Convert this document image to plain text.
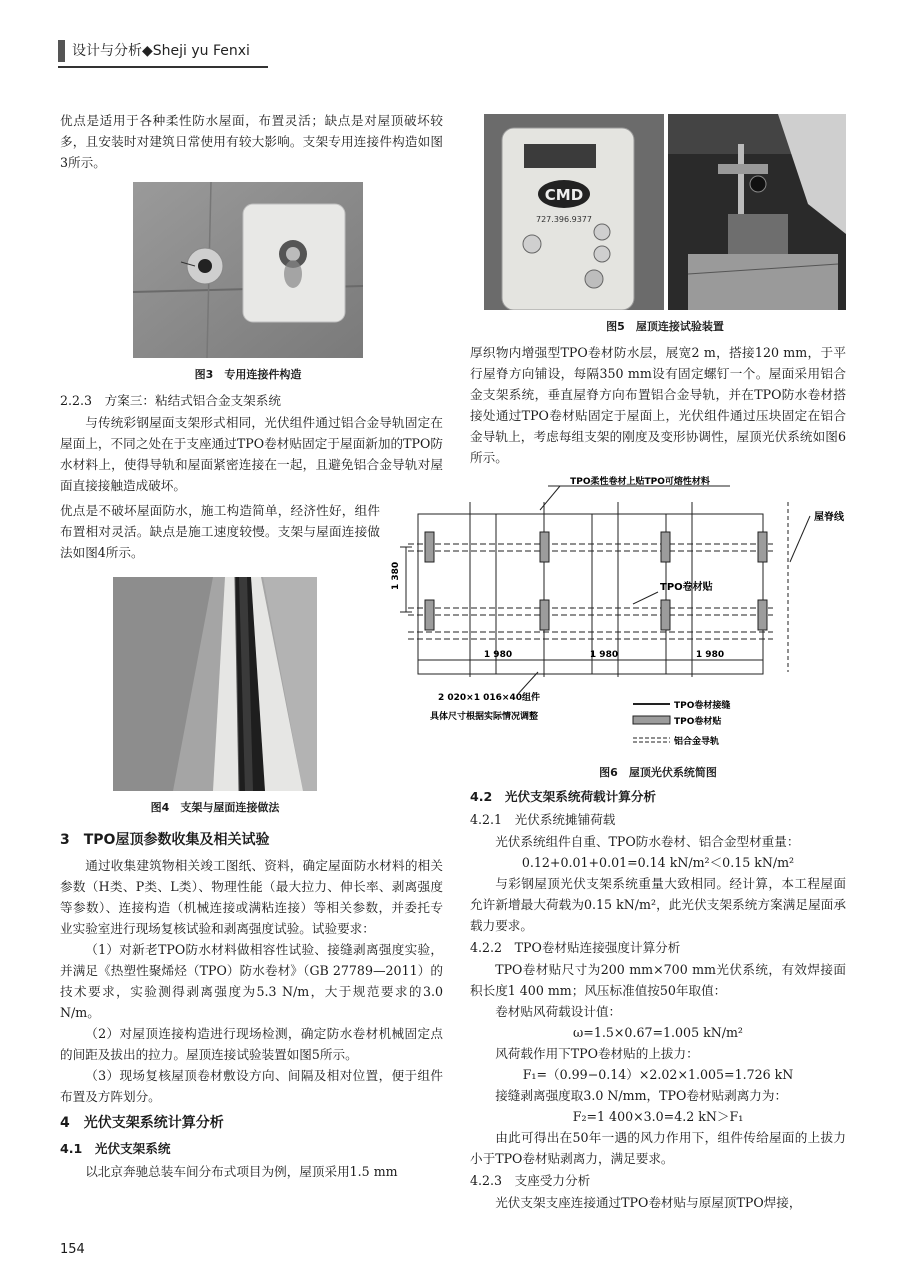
设计与分析◆Sheji yu Fenxi

优点是适用于各种柔性防水屋面，布置灵活；缺点是对屋顶破坏较多，且安装时对建筑日常使用有较大影响。支架专用连接件构造如图3所示。

图3　专用连接件构造

2.2.3　方案三：粘结式铝合金支架系统

与传统彩钢屋面支架形式相同，光伏组件通过铝合金导轨固定在屋面上，不同之处在于支座通过TPO卷材贴固定于屋面新加的TPO防水材料上，使得导轨和屋面紧密连接在一起，且避免铝合金导轨对屋面直接接触造成破坏。

优点是不破坏屋面防水，施工构造简单，经济性好，组件布置相对灵活。缺点是施工速度较慢。支架与屋面连接做法如图4所示。

图4　支架与屋面连接做法

3　TPO屋顶参数收集及相关试验

通过收集建筑物相关竣工图纸、资料，确定屋面防水材料的相关参数（H类、P类、L类）、物理性能（最大拉力、伸长率、剥离强度等参数）、连接构造（机械连接或满粘连接）等相关参数，并委托专业实验室进行现场复核试验和剥离强度试验。试验要求：

（1）对新老TPO防水材料做相容性试验、接缝剥离强度实验，并满足《热塑性聚烯烃（TPO）防水卷材》（GB 27789—2011）的技术要求，实验测得剥离强度为5.3 N/m，大于规范要求的3.0 N/m。

（2）对屋顶连接构造进行现场检测，确定防水卷材机械固定点的间距及拔出的拉力。屋顶连接试验装置如图5所示。

（3）现场复核屋顶卷材敷设方向、间隔及相对位置，便于组件布置及方阵划分。

4　光伏支架系统计算分析

4.1　光伏支架系统

以北京奔驰总装车间分布式项目为例，屋顶采用1.5 mm

CMD
727.396.9377
图5　屋顶连接试验装置

厚织物内增强型TPO卷材防水层，展宽2 m，搭接120 mm，于平行屋脊方向铺设，每隔350 mm设有固定螺钉一个。屋面采用铝合金支架系统，垂直屋脊方向布置铝合金导轨，并在TPO防水卷材搭接处通过TPO卷材贴固定于屋面上，光伏组件通过压块固定在铝合金导轨上，考虑每组支架的刚度及变形协调性，屋顶光伏系统如图6所示。

TPO柔性卷材上贴TPO可熔性材料
屋脊线
TPO卷材贴
1 380
1 980	1 980	1 980
2 020×1 016×40组件
具体尺寸根据实际情况调整
TPO卷材接缝
TPO卷材贴
铝合金导轨
图6　屋顶光伏系统简图

4.2　光伏支架系统荷载计算分析

4.2.1　光伏系统摊铺荷载

光伏系统组件自重、TPO防水卷材、铝合金型材重量：

0.12+0.01+0.01=0.14 kN/m²＜0.15 kN/m²

与彩钢屋顶光伏支架系统重量大致相同。经计算，本工程屋面允许新增最大荷载为0.15 kN/m²，此光伏支架系统方案满足屋面承载力要求。

4.2.2　TPO卷材贴连接强度计算分析

TPO卷材贴尺寸为200 mm×700 mm光伏系统，有效焊接面积长度1 400 mm；风压标准值按50年取值：

卷材贴风荷载设计值：

ω=1.5×0.67=1.005 kN/m²

风荷载作用下TPO卷材贴的上拔力：

F₁=（0.99−0.14）×2.02×1.005=1.726 kN

接缝剥离强度取3.0 N/mm，TPO卷材贴剥离力为：

F₂=1 400×3.0=4.2 kN＞F₁

由此可得出在50年一遇的风力作用下，组件传给屋面的上拔力小于TPO卷材贴剥离力，满足要求。

4.2.3　支座受力分析

光伏支架支座连接通过TPO卷材贴与原屋顶TPO焊接，

154
